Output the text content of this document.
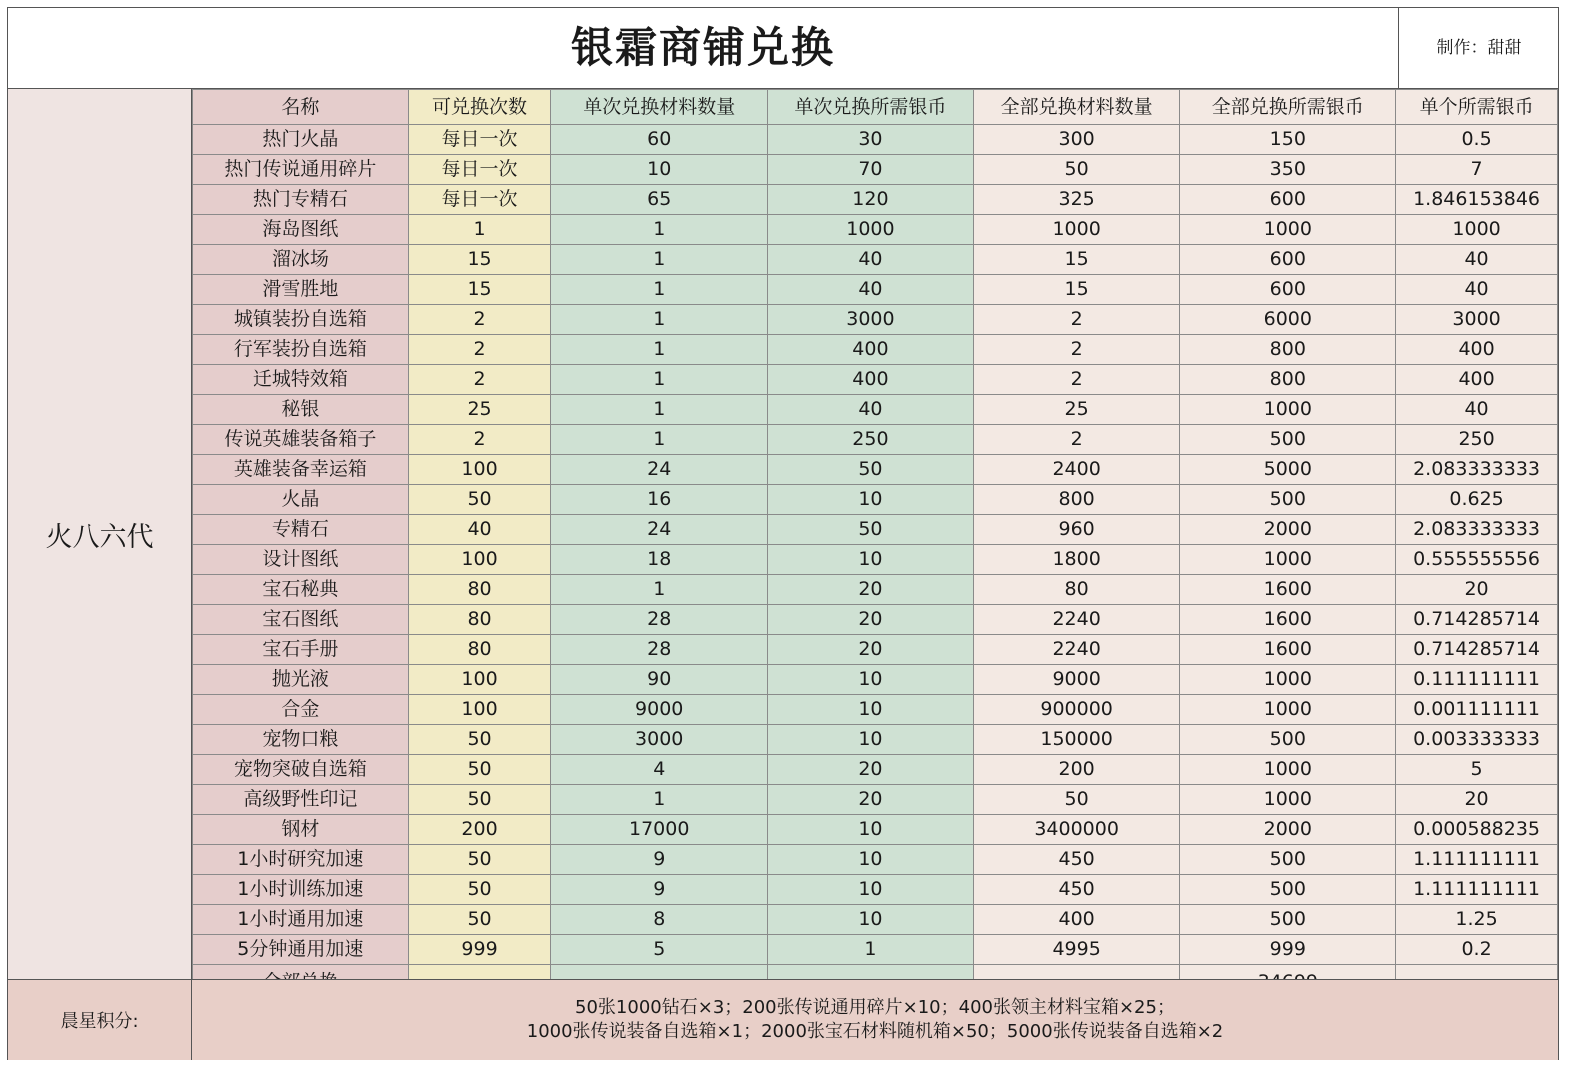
银霜商铺兑换	制作：甜甜
火八六代
名称	可兑换次数	单次兑换材料数量	单次兑换所需银币	全部兑换材料数量	全部兑换所需银币	单个所需银币
热门火晶	每日一次	60	30	300	150	0.5
热门传说通用碎片	每日一次	10	70	50	350	7
热门专精石	每日一次	65	120	325	600	1.846153846
海岛图纸	1	1	1000	1000	1000	1000
溜冰场	15	1	40	15	600	40
滑雪胜地	15	1	40	15	600	40
城镇装扮自选箱	2	1	3000	2	6000	3000
行军装扮自选箱	2	1	400	2	800	400
迁城特效箱	2	1	400	2	800	400
秘银	25	1	40	25	1000	40
传说英雄装备箱子	2	1	250	2	500	250
英雄装备幸运箱	100	24	50	2400	5000	2.083333333
火晶	50	16	10	800	500	0.625
专精石	40	24	50	960	2000	2.083333333
设计图纸	100	18	10	1800	1000	0.555555556
宝石秘典	80	1	20	80	1600	20
宝石图纸	80	28	20	2240	1600	0.714285714
宝石手册	80	28	20	2240	1600	0.714285714
抛光液	100	90	10	9000	1000	0.111111111
合金	100	9000	10	900000	1000	0.001111111
宠物口粮	50	3000	10	150000	500	0.003333333
宠物突破自选箱	50	4	20	200	1000	5
高级野性印记	50	1	20	50	1000	20
钢材	200	17000	10	3400000	2000	0.000588235
1小时研究加速	50	9	10	450	500	1.111111111
1小时训练加速	50	9	10	450	500	1.111111111
1小时通用加速	50	8	10	400	500	1.25
5分钟通用加速	999	5	1	4995	999	0.2

晨星积分:
50张1000钻石×3；200张传说通用碎片×10；400张领主材料宝箱×25；
1000张传说装备自选箱×1；2000张宝石材料随机箱×50；5000张传说装备自选箱×2
